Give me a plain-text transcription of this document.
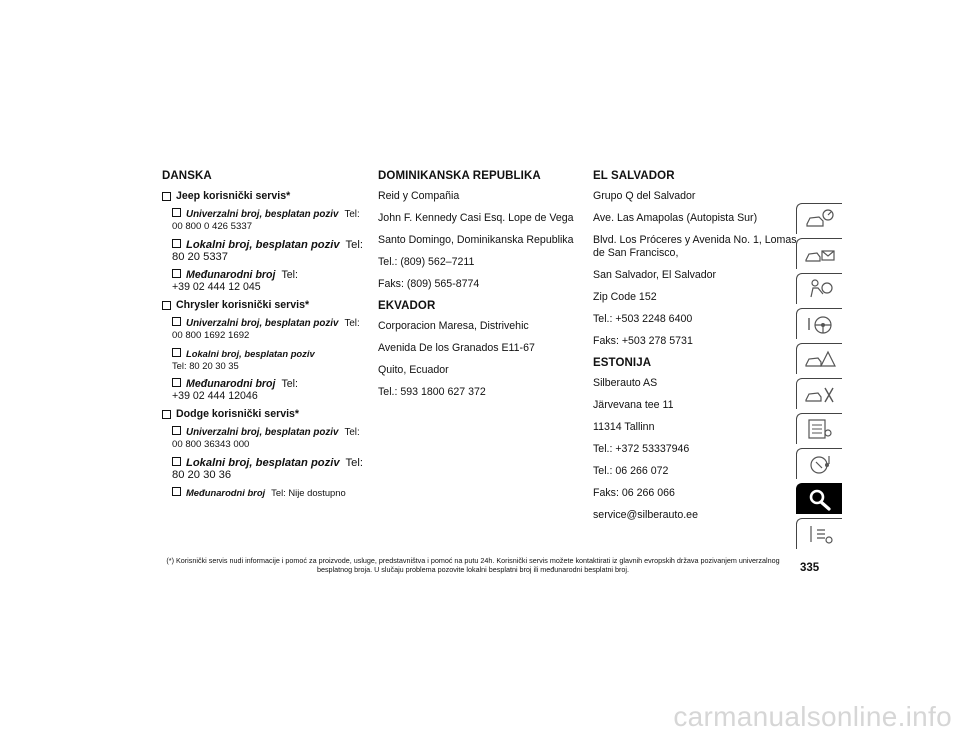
DANSKA
Jeep korisnički servis*
Univerzalni broj, besplatan poziv Tel:
00 800 0 426 5337
Lokalni broj, besplatan poziv Tel:
80 20 5337
Međunarodni broj Tel:
+39 02 444 12 045
Chrysler korisnički servis*
Univerzalni broj, besplatan poziv Tel:
00 800 1692 1692
Lokalni broj, besplatan poziv
Tel: 80 20 30 35
Međunarodni broj Tel:
+39 02 444 12046
Dodge korisnički servis*
Univerzalni broj, besplatan poziv Tel:
00 800 36343 000
Lokalni broj, besplatan poziv Tel:
80 20 30 36
Međunarodni broj Tel: Nije dostupno
DOMINIKANSKA REPUBLIKA

Reid y Compañia

John F. Kennedy Casi Esq. Lope de Vega

Santo Domingo, Dominikanska Republika

Tel.: (809) 562–7211

Faks: (809) 565-8774

EKVADOR

Corporacion Maresa, Distrivehic

Avenida De los Granados E11-67

Quito, Ecuador

Tel.: 593 1800 627 372

EL SALVADOR

Grupo Q del Salvador

Ave. Las Amapolas (Autopista Sur)

Blvd. Los Próceres y Avenida No. 1, Lomas de San Francisco,

San Salvador, El Salvador

Zip Code 152

Tel.: +503 2248 6400

Faks: +503 278 5731

ESTONIJA

Silberauto AS

Järvevana tee 11

11314 Tallinn

Tel.: +372 53337946

Tel.: 06 266 072

Faks: 06 266 066

service@silberauto.ee

(*) Korisnički servis nudi informacije i pomoć za proizvode, usluge, predstavništva i pomoć na putu 24h. Korisnički servis možete kontaktirati iz glavnih evropskih država pozivanjem univerzalnog besplatnog broja. U slučaju problema pozovite lokalni besplatni broj ili međunarodni besplatni broj.	335
carmanualsonline.info
